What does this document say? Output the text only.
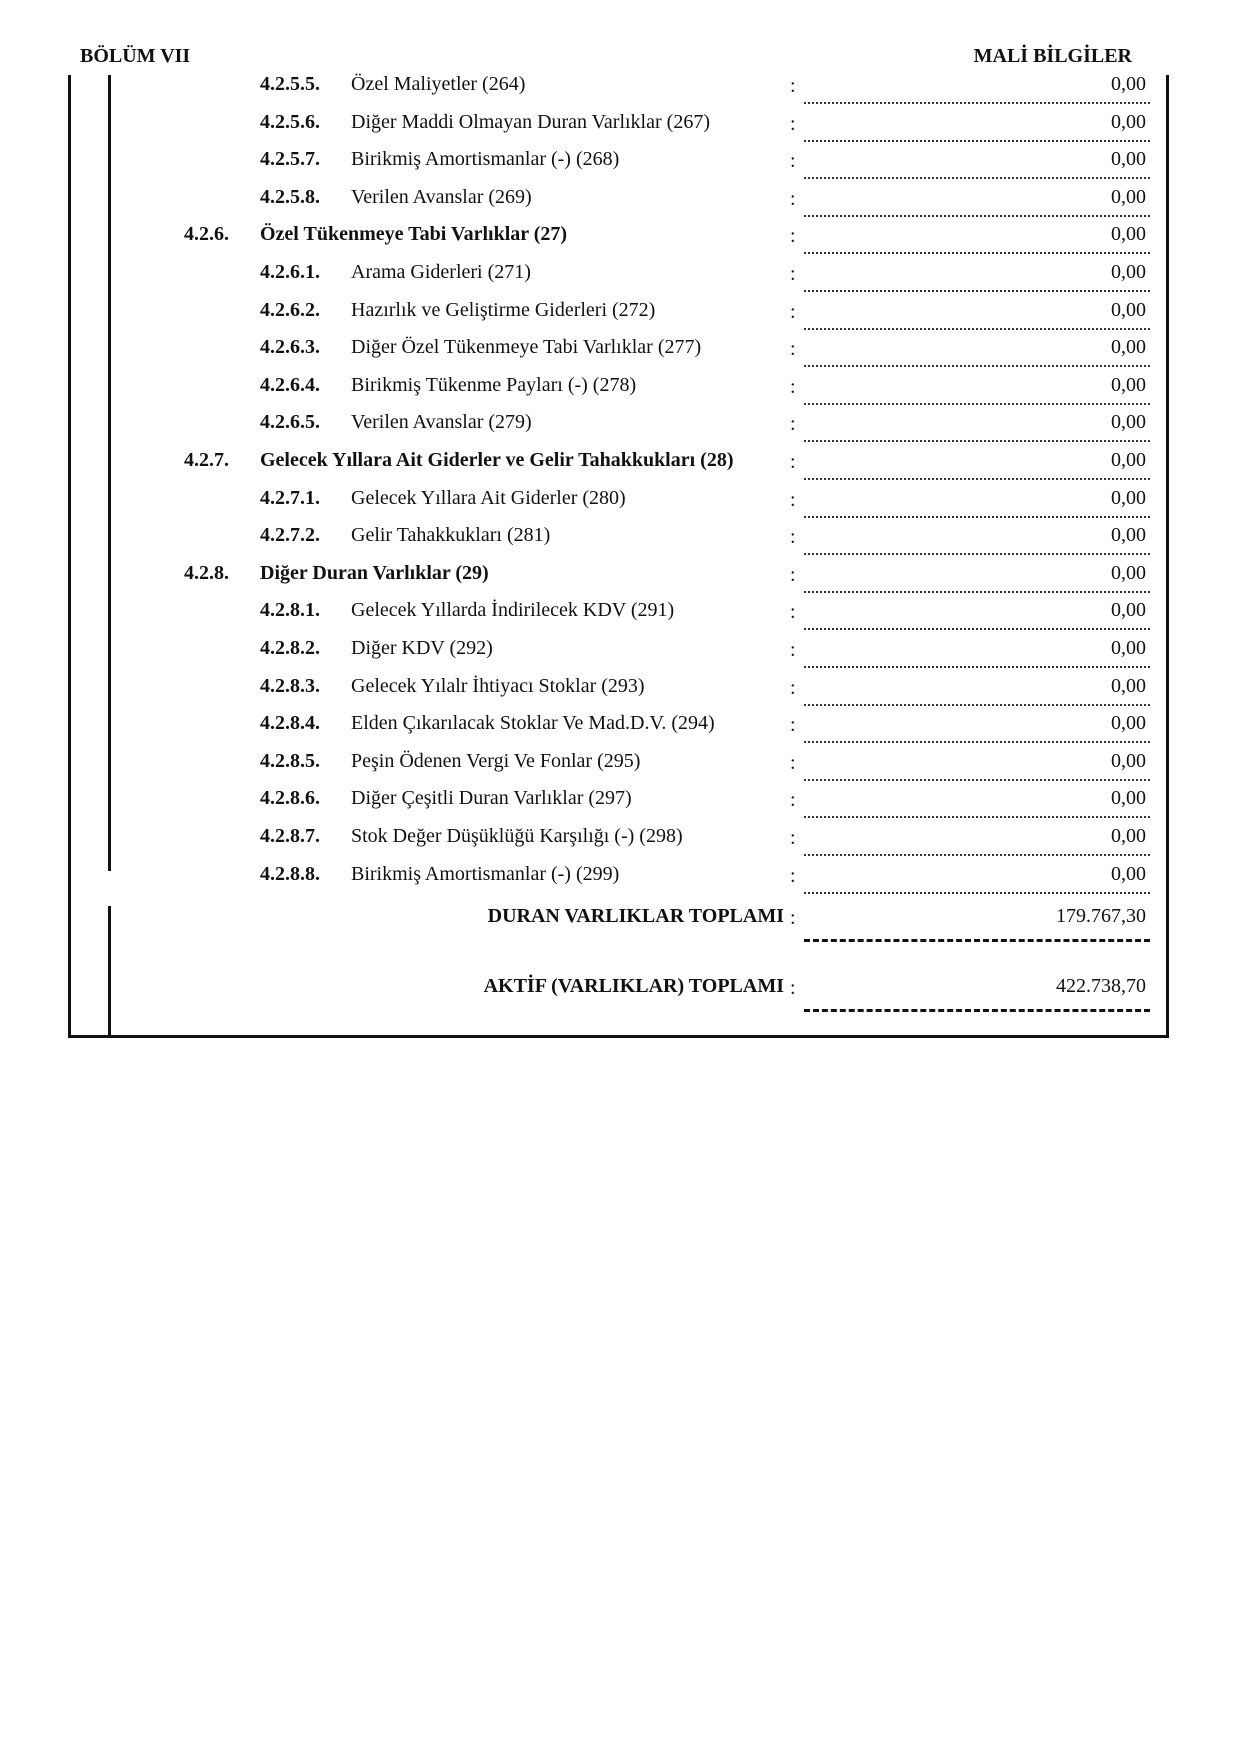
BÖLÜM VII	MALİ BİLGİLER
4.2.5.5. Özel Maliyetler (264)	:	0,00
4.2.5.6. Diğer Maddi Olmayan Duran Varlıklar (267)	:	0,00
4.2.5.7. Birikmiş Amortismanlar (-) (268)	:	0,00
4.2.5.8. Verilen Avanslar (269)	:	0,00
4.2.6. Özel Tükenmeye Tabi Varlıklar (27)	:	0,00
4.2.6.1. Arama Giderleri (271)	:	0,00
4.2.6.2. Hazırlık ve Geliştirme Giderleri (272)	:	0,00
4.2.6.3. Diğer Özel Tükenmeye Tabi Varlıklar (277)	:	0,00
4.2.6.4. Birikmiş Tükenme Payları (-) (278)	:	0,00
4.2.6.5. Verilen Avanslar (279)	:	0,00
4.2.7. Gelecek Yıllara Ait Giderler ve Gelir Tahakkukları (28)	:	0,00
4.2.7.1. Gelecek Yıllara Ait Giderler (280)	:	0,00
4.2.7.2. Gelir Tahakkukları (281)	:	0,00
4.2.8. Diğer Duran Varlıklar (29)	:	0,00
4.2.8.1. Gelecek Yıllarda İndirilecek KDV (291)	:	0,00
4.2.8.2. Diğer KDV (292)	:	0,00
4.2.8.3. Gelecek Yılalr İhtiyacı Stoklar (293)	:	0,00
4.2.8.4. Elden Çıkarılacak Stoklar Ve Mad.D.V. (294)	:	0,00
4.2.8.5. Peşin Ödenen Vergi Ve Fonlar (295)	:	0,00
4.2.8.6. Diğer Çeşitli Duran Varlıklar (297)	:	0,00
4.2.8.7. Stok Değer Düşüklüğü Karşılığı (-) (298)	:	0,00
4.2.8.8. Birikmiş Amortismanlar (-) (299)	:	0,00
DURAN VARLIKLAR TOPLAMI :	179.767,30
AKTİF (VARLIKLAR) TOPLAMI :	422.738,70
